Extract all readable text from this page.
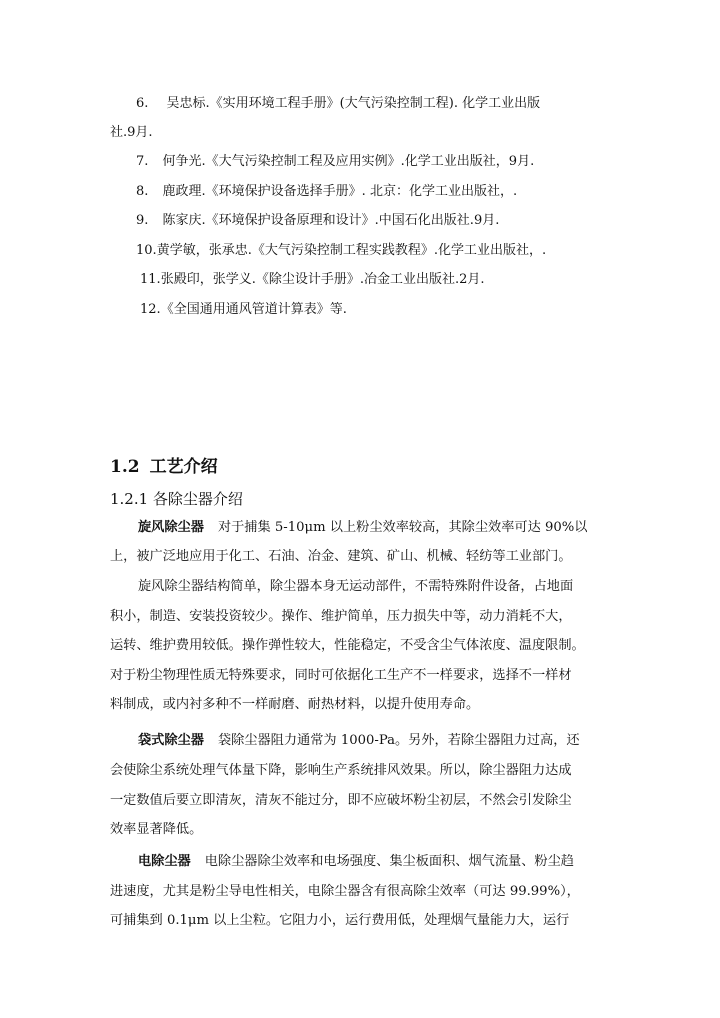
6. 吴忠标.《实用环境工程手册》(大气污染控制工程). 化学工业出版
社.9月.
7. 何争光.《大气污染控制工程及应用实例》.化学工业出版社，9月.
8. 鹿政理.《环境保护设备选择手册》. 北京：化学工业出版社，.
9. 陈家庆.《环境保护设备原理和设计》.中国石化出版社.9月.
10.黄学敏，张承忠.《大气污染控制工程实践教程》.化学工业出版社，.
11.张殿印，张学义.《除尘设计手册》.冶金工业出版社.2月.
12.《全国通用通风管道计算表》等.
1.2 工艺介绍
1.2.1 各除尘器介绍
旋风除尘器 对于捕集 5-10μm 以上粉尘效率较高，其除尘效率可达 90%以
上，被广泛地应用于化工、石油、冶金、建筑、矿山、机械、轻纺等工业部门。
旋风除尘器结构简单，除尘器本身无运动部件，不需特殊附件设备，占地面
积小，制造、安装投资较少。操作、维护简单，压力损失中等，动力消耗不大，
运转、维护费用较低。操作弹性较大，性能稳定，不受含尘气体浓度、温度限制。
对于粉尘物理性质无特殊要求，同时可依据化工生产不一样要求，选择不一样材
料制成，或内衬多种不一样耐磨、耐热材料，以提升使用寿命。
袋式除尘器 袋除尘器阻力通常为 1000-Pa。另外，若除尘器阻力过高，还
会使除尘系统处理气体量下降，影响生产系统排风效果。所以，除尘器阻力达成
一定数值后要立即清灰，清灰不能过分，即不应破坏粉尘初层，不然会引发除尘
效率显著降低。
电除尘器 电除尘器除尘效率和电场强度、集尘板面积、烟气流量、粉尘趋
进速度，尤其是粉尘导电性相关，电除尘器含有很高除尘效率（可达 99.99%），
可捕集到 0.1μm 以上尘粒。它阻力小，运行费用低，处理烟气量能力大，运行
